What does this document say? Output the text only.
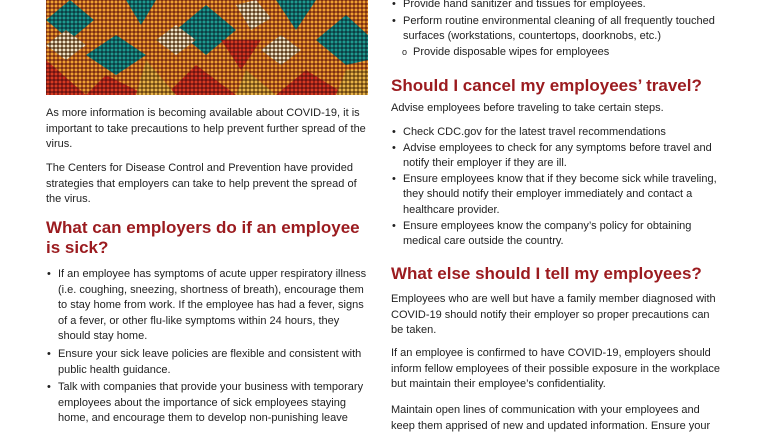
As more information is becoming available about COVID-19, it is important to take precautions to help prevent further spread of the virus.

The Centers for Disease Control and Prevention have provided strategies that employers can take to help prevent the spread of the virus.

What can employers do if an employee
is sick?
• If an employee has symptoms of acute upper respiratory illness (i.e. coughing, sneezing, shortness of breath), encourage them to stay home from work. If the employee has had a fever, signs of a fever, or other flu-like symptoms within 24 hours, they should stay home.
• Ensure your sick leave policies are flexible and consistent with public health guidance.
• Talk with companies that provide your business with temporary employees about the importance of sick employees staying home, and encourage them to develop non-punishing leave
• Provide hand sanitizer and tissues for employees.
• Perform routine environmental cleaning of all frequently touched surfaces (workstations, countertops, doorknobs, etc.)
o Provide disposable wipes for employees
Should I cancel my employees’ travel?

Advise employees before traveling to take certain steps.

• Check CDC.gov for the latest travel recommendations
• Advise employees to check for any symptoms before travel and notify their employer if they are ill.
• Ensure employees know that if they become sick while traveling, they should notify their employer immediately and contact a healthcare provider.
• Ensure employees know the company’s policy for obtaining medical care outside the country.
What else should I tell my employees?

Employees who are well but have a family member diagnosed with COVID-19 should notify their employer so proper precautions can be taken.

If an employee is confirmed to have COVID-19, employers should inform fellow employees of their possible exposure in the workplace but maintain their employee’s confidentiality.

Maintain open lines of communication with your employees and keep them apprised of new and updated information. Ensure your
